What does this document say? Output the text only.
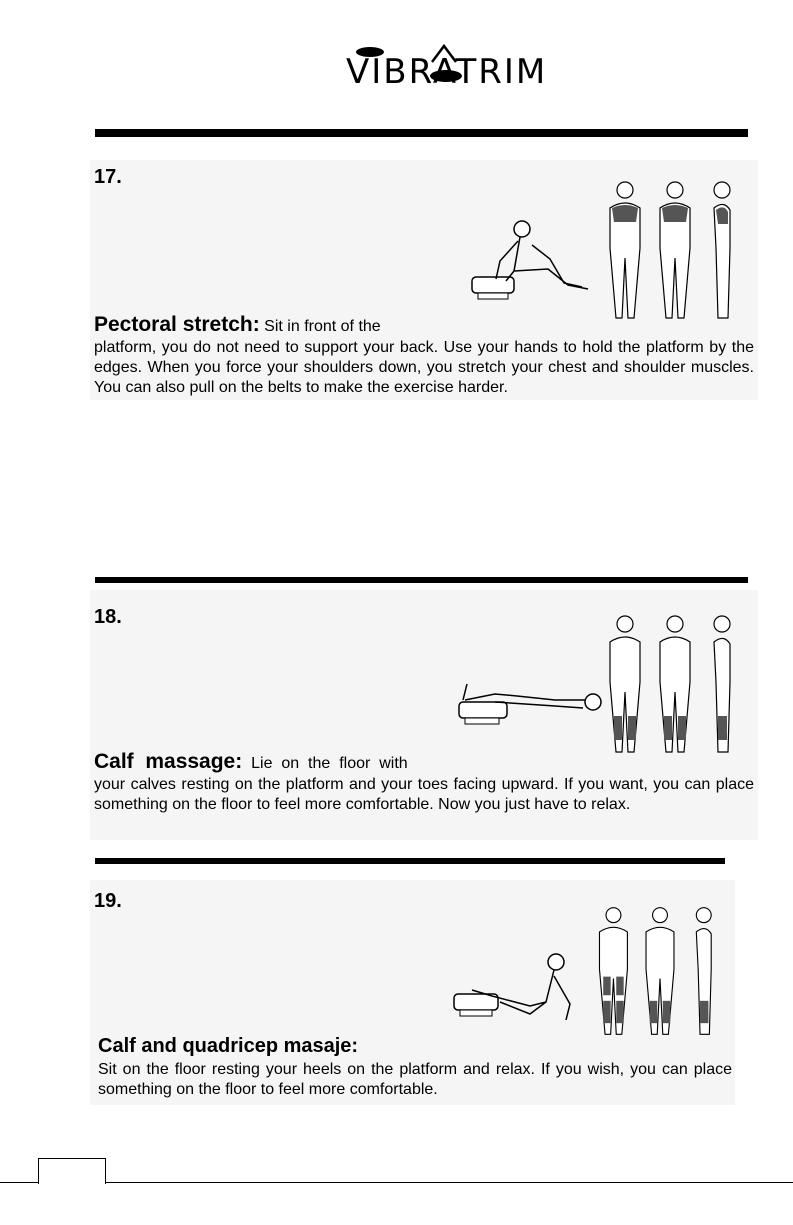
VIBRATRIM
17.
Pectoral stretch: Sit in front of the
platform, you do not need to support your back. Use your hands to hold the platform by the edges. When you force your shoulders down, you stretch your chest and shoulder muscles. You can also pull on the belts to make the exercise harder.
18.
Calf  massage:  Lie  on  the  floor  with
your calves resting on the platform and your toes facing upward. If you want, you can place something on the floor to feel more comfortable. Now you just have to relax.
19.
Calf and quadricep masaje:
Sit on the floor resting your heels on the platform and relax. If you wish, you can place something on the floor to feel more comfortable.
